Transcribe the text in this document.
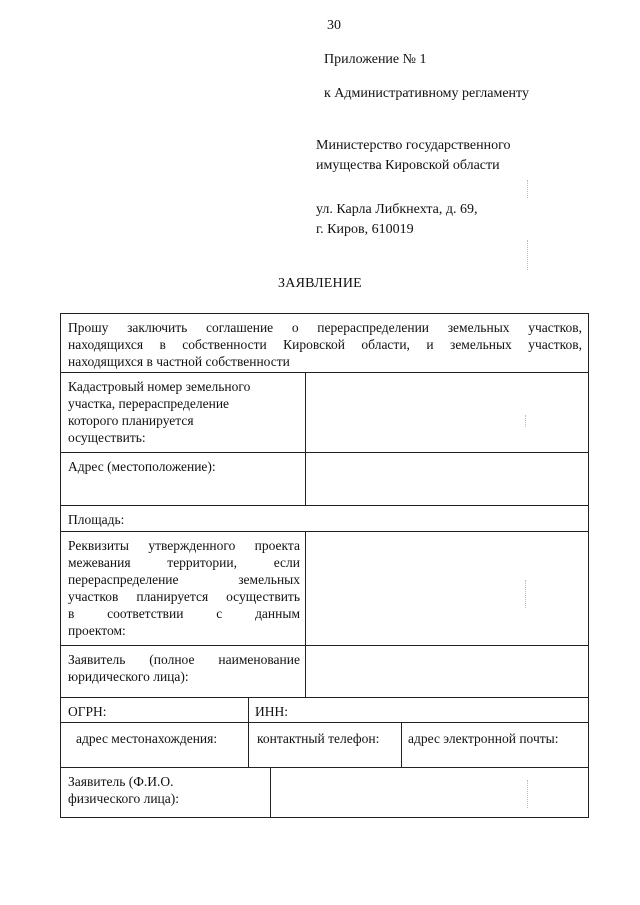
30
Приложение № 1
к Административному регламенту
Министерство государственного
имущества Кировской области
ул. Карла Либкнехта, д. 69,
г. Киров, 610019
ЗАЯВЛЕНИЕ
Прошу заключить соглашение о перераспределении земельных участков,
находящихся в собственности Кировской области, и земельных участков,
находящихся в частной собственности
Кадастровый номер земельного
участка, перераспределение
которого планируется
осуществить:
Адрес (местоположение):
Площадь:
Реквизиты утвержденного проекта
межевания территории, если
перераспределение земельных
участков планируется осуществить
в соответствии с данным
проектом:
Заявитель (полное наименование
юридического лица):
ОГРН:	ИНН:
адрес местонахождения:	контактный телефон: адрес электронной почты:
Заявитель (Ф.И.О.
физического лица):
